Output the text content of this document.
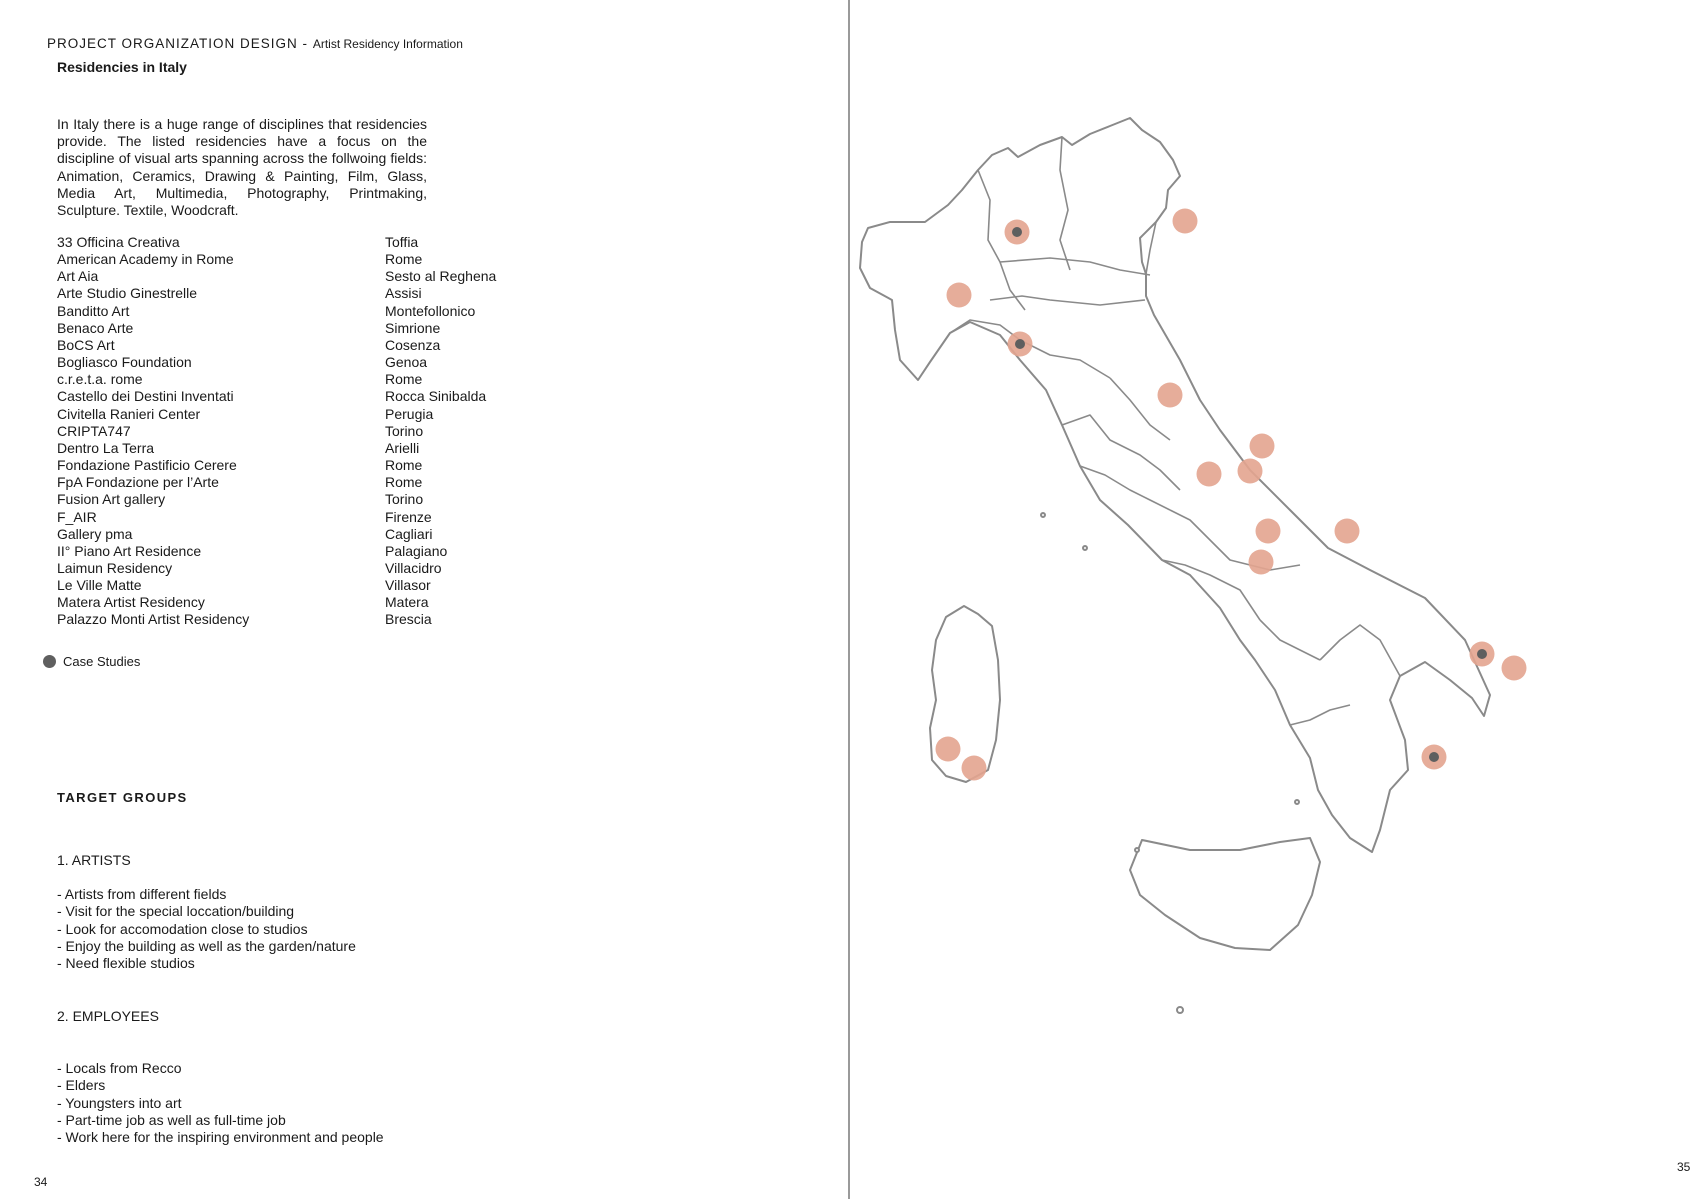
PROJECT ORGANIZATION DESIGN - Artist Residency Information
Residencies in Italy
In Italy there is a huge range of disciplines that residencies provide. The listed residencies have a focus on the discipline of visual arts spanning across the follwoing fields: Animation, Ceramics, Drawing & Painting, Film, Glass, Media Art, Multimedia, Photography, Printmaking, Sculpture. Textile, Woodcraft.
33 Officina Creativa	Toffia
American Academy in Rome	Rome
Art Aia	Sesto al Reghena
Arte Studio Ginestrelle	Assisi
Banditto Art	Montefollonico
Benaco Arte	Simrione
BoCS Art	Cosenza
Bogliasco Foundation	Genoa
c.r.e.t.a. rome	Rome
Castello dei Destini Inventati	Rocca Sinibalda
Civitella Ranieri Center	Perugia
CRIPTA747	Torino
Dentro La Terra	Arielli
Fondazione Pastificio Cerere	Rome
FpA Fondazione per l’Arte	Rome
Fusion Art gallery	Torino
F_AIR	Firenze
Gallery pma	Cagliari
II° Piano Art Residence	Palagiano
Laimun Residency	Villacidro
Le Ville Matte	Villasor
Matera Artist Residency	Matera
Palazzo Monti Artist Residency	Brescia
Case Studies
TARGET GROUPS
1. ARTISTS
- Artists from different fields
- Visit for the special loccation/building
- Look for accomodation close to studios
- Enjoy the building as well as the garden/nature
- Need flexible studios
2. EMPLOYEES
- Locals from Recco
- Elders
- Youngsters into art
- Part-time job as well as full-time job
- Work here for the inspiring environment and people
34
35
